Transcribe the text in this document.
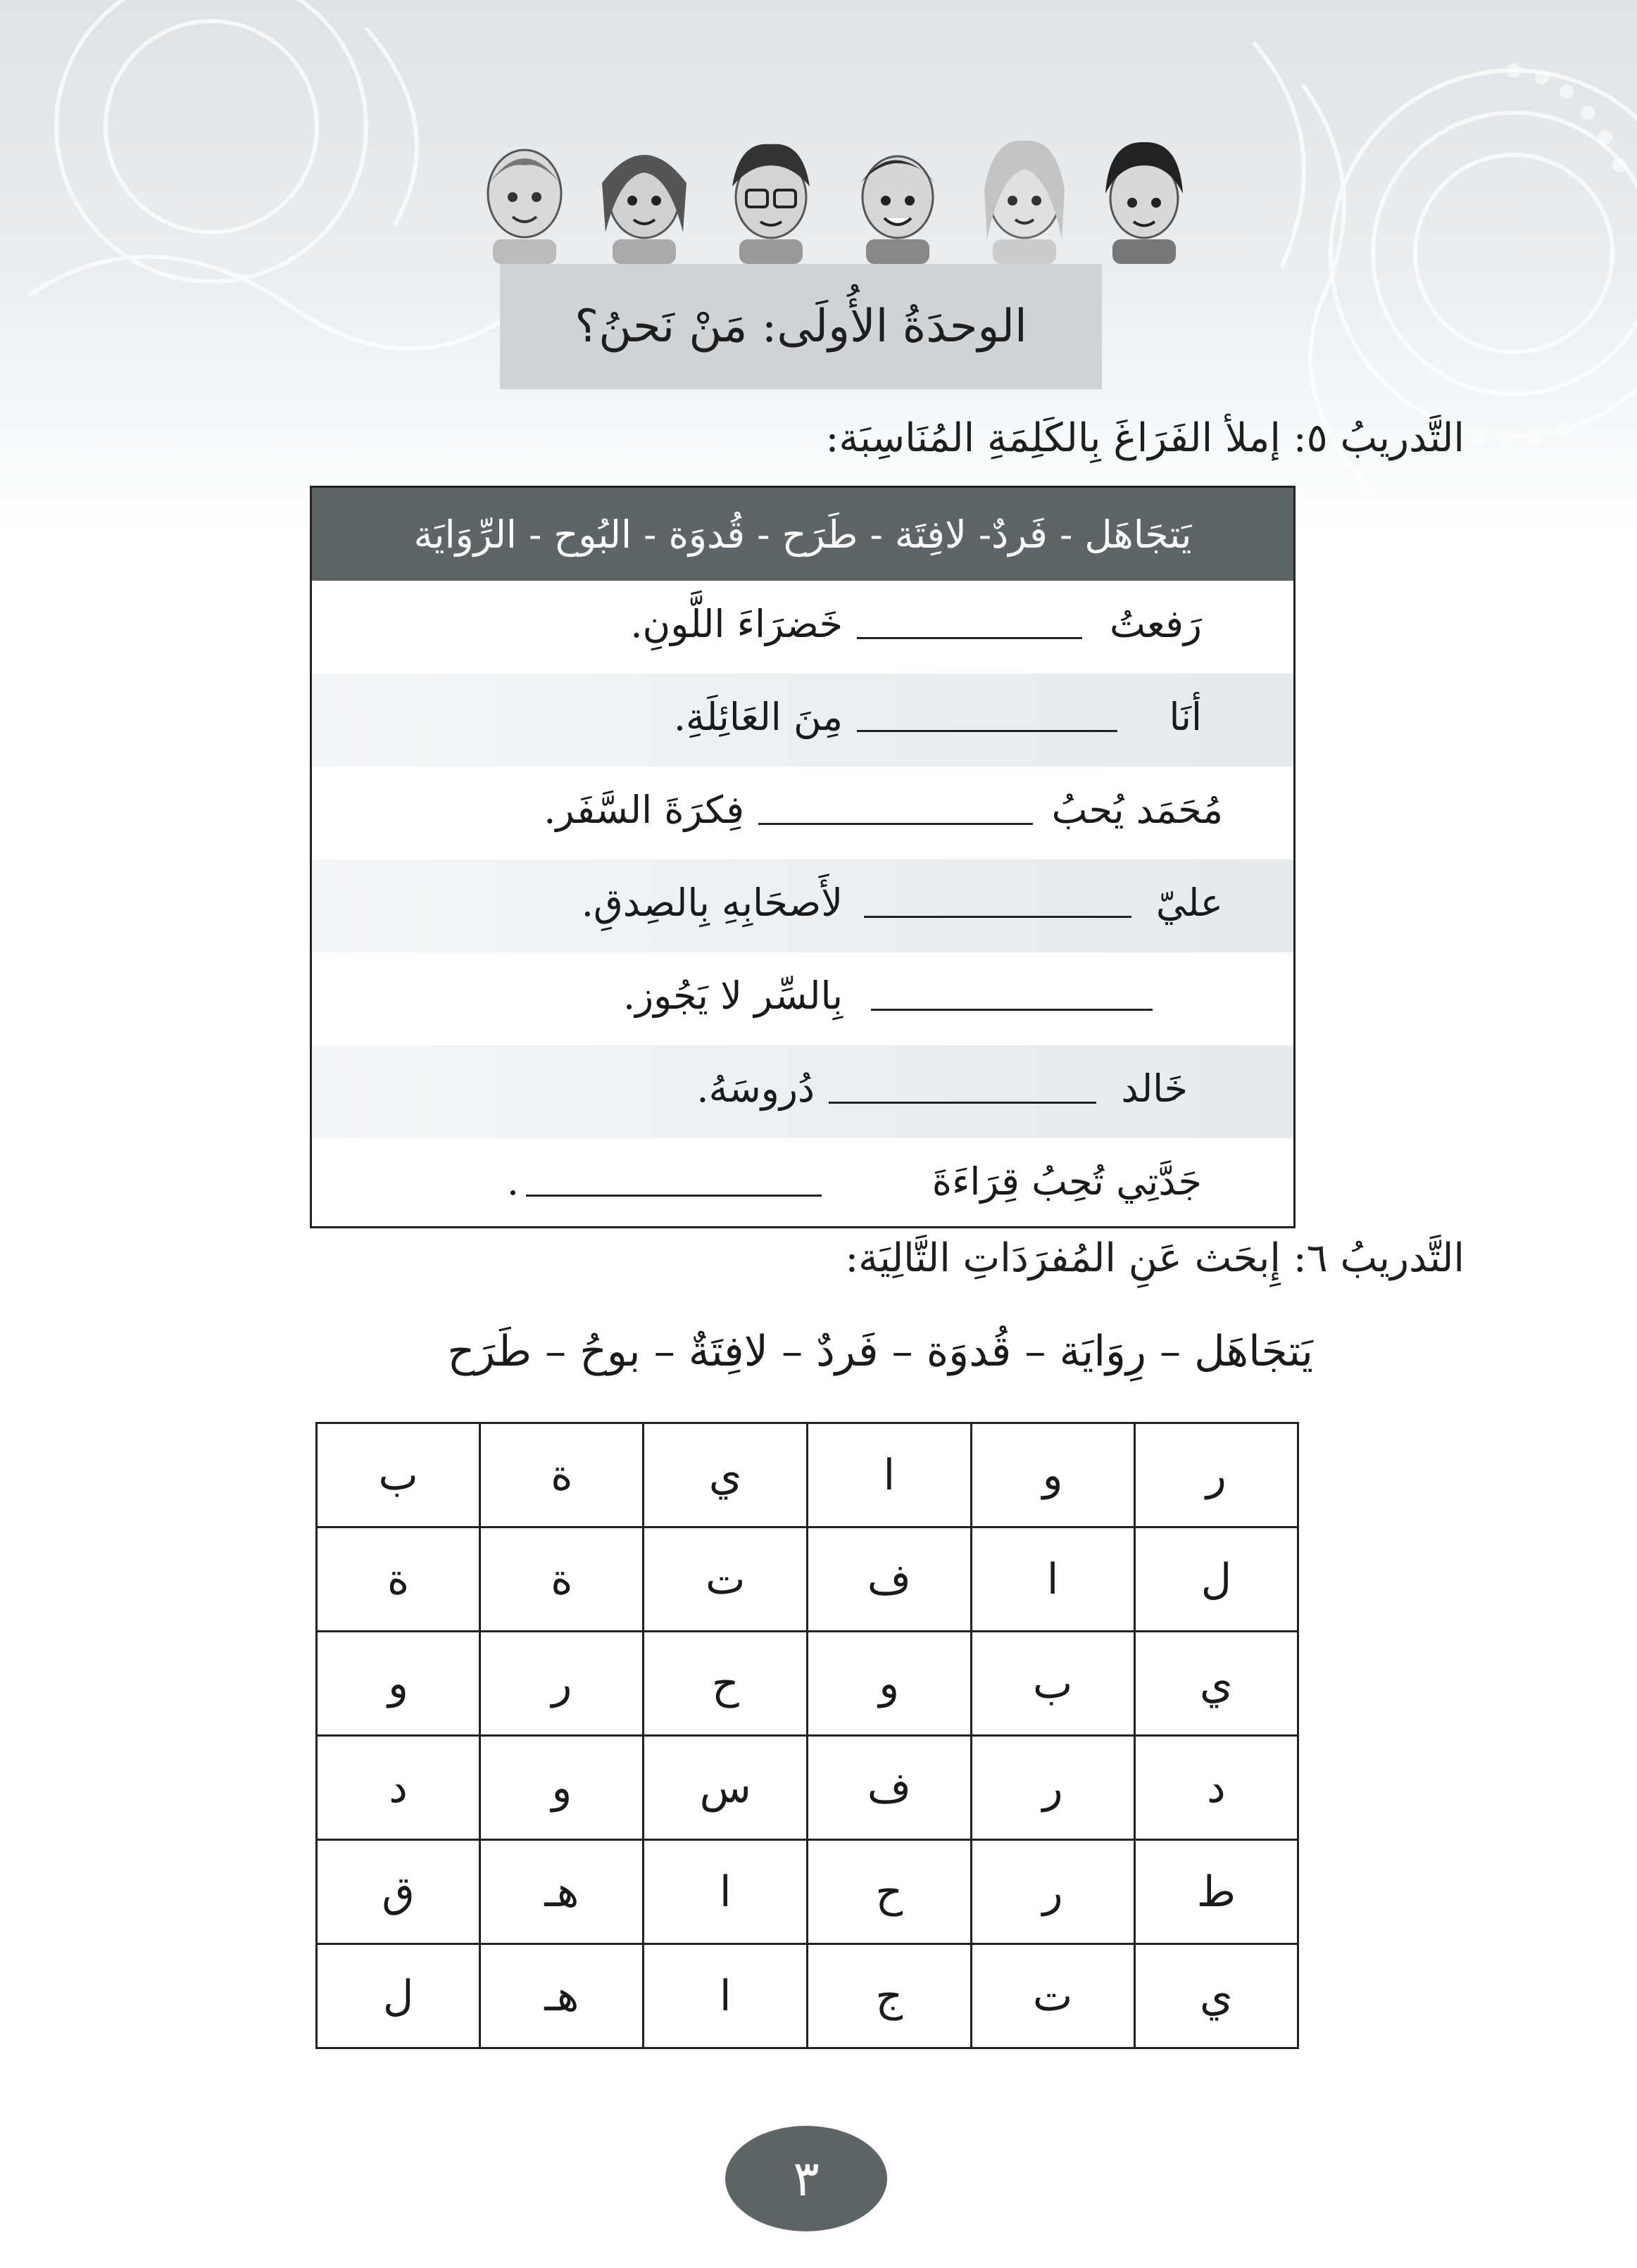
الوحدَةُ الأُولَى: مَنْ نَحنُ؟
التَّدريبُ ٥: إملأ الفَرَاغَ بِالكَلِمَةِ المُنَاسِبَة:
يَتجَاهَل - فَردٌ- لافِتَة - طَرَح - قُدوَة - البُوح - الرِّوَايَة
رَفعتُ
خَضرَاءَ اللَّونِ.
أنَا
مِنَ العَائِلَةِ.
مُحَمَد يُحبُ
فِكرَةَ السَّفَر.
عليّ
لأَصحَابِهِ بِالصِدقِ.
بِالسِّر لا يَجُوز.
خَالد
دُروسَهُ.
جَدَّتِي تُحِبُ قِرَاءَةَ
.
التَّدريبُ ٦: إِبحَث عَنِ المُفرَدَاتِ التَّالِيَة:
يَتجَاهَل – رِوَايَة – قُدوَة – فَردٌ – لافِتَةٌ – بوحُ – طَرَح
ر	و	ا	ي	ة	ب
ل	ا	ف	ت	ة	ة
ي	ب	و	ح	ر	و
د	ر	ف	س	و	د
ط	ر	ح	ا	هـ	ق
ي	ت	ج	ا	هـ	ل
٣
